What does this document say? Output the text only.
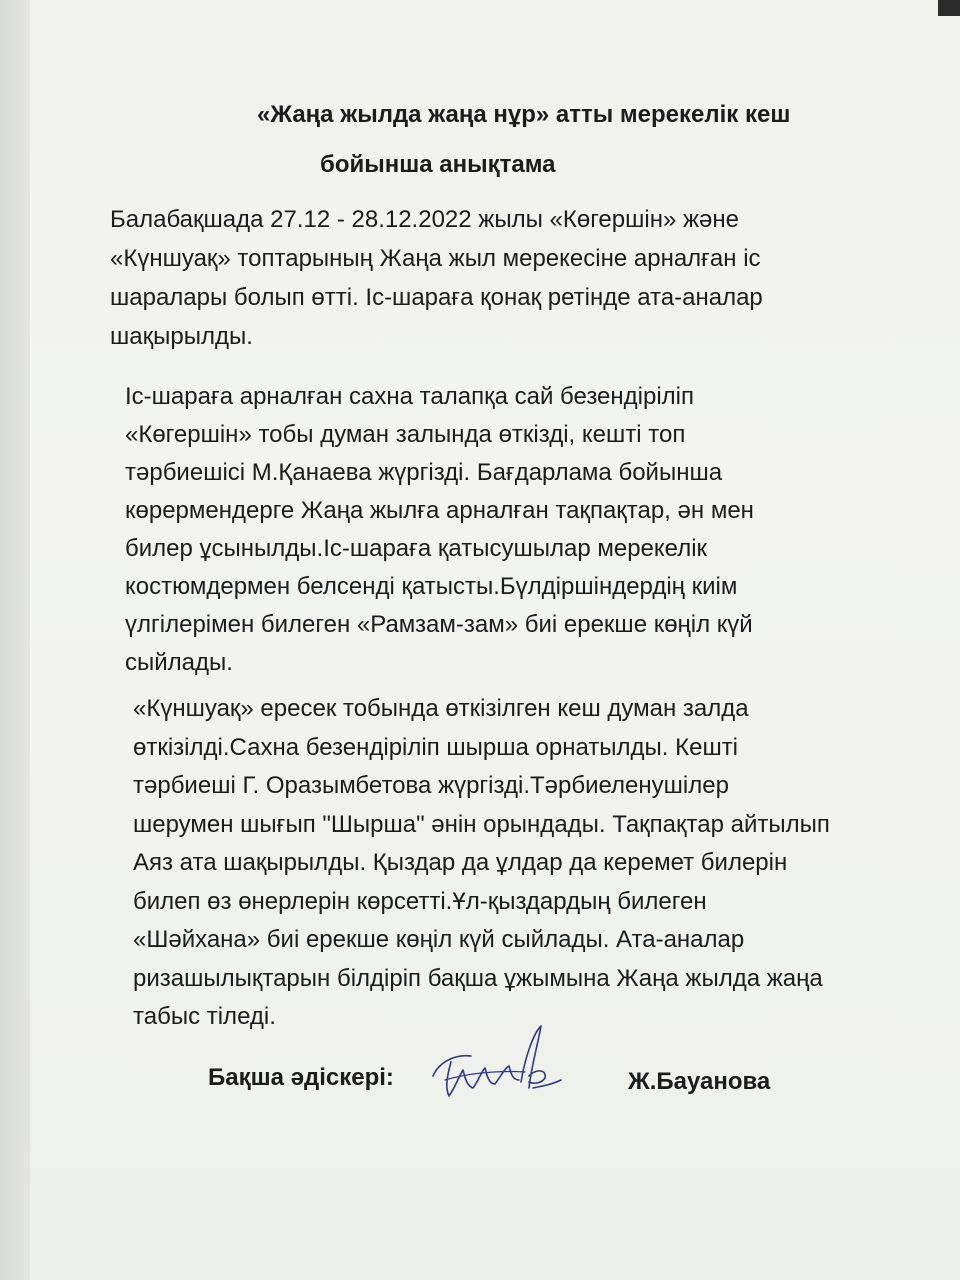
«Жаңа жылда жаңа нұр» атты мерекелік кеш
бойынша анықтама
Балабақшада 27.12 - 28.12.2022 жылы «Көгершін» және
«Күншуақ» топтарының Жаңа жыл мерекесіне арналған іс
шаралары болып өтті. Іс-шараға қонақ ретінде ата-аналар
шақырылды.
Іс-шараға арналған сахна талапқа сай безендіріліп
«Көгершін» тобы думан залында өткізді, кешті топ
тәрбиешісі М.Қанаева жүргізді. Бағдарлама бойынша
көрермендерге Жаңа жылға арналған тақпақтар, ән мен
билер ұсынылды.Іс-шараға қатысушылар мерекелік
костюмдермен белсенді қатысты.Бүлдіршіндердің киім
үлгілерімен билеген «Рамзам-зам» биі ерекше көңіл күй
сыйлады.
«Күншуақ» ересек тобында өткізілген кеш думан залда
өткізілді.Сахна безендіріліп шырша орнатылды. Кешті
тәрбиеші Г. Оразымбетова жүргізді.Тәрбиеленушілер
шерумен шығып "Шырша" әнін орындады. Тақпақтар айтылып
Аяз ата шақырылды. Қыздар да ұлдар да керемет билерін
билеп өз өнерлерін көрсетті.Ұл-қыздардың билеген
«Шәйхана» биі ерекше көңіл күй сыйлады. Ата-аналар
ризашылықтарын білдіріп бақша ұжымына Жаңа жылда жаңа
табыс тіледі.
Бақша әдіскері:	Ж.Бауанова
